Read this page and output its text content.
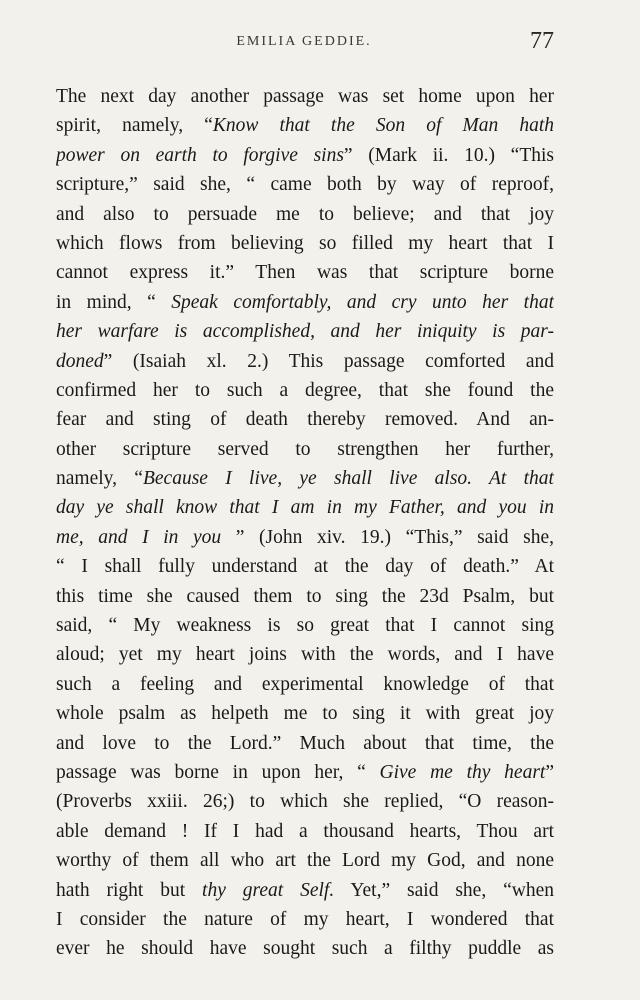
EMILIA GEDDIE.	77
The next day another passage was set home upon her
spirit, namely, “Know that the Son of Man hath
power on earth to forgive sins” (Mark ii. 10.) “This
scripture,” said she, “ came both by way of reproof,
and also to persuade me to believe; and that joy
which flows from believing so filled my heart that I
cannot express it.” Then was that scripture borne
in mind, “ Speak comfortably, and cry unto her that
her warfare is accomplished, and her iniquity is par-
doned” (Isaiah xl. 2.) This passage comforted and
confirmed her to such a degree, that she found the
fear and sting of death thereby removed. And an-
other scripture served to strengthen her further,
namely, “Because I live, ye shall live also. At that
day ye shall know that I am in my Father, and you in
me, and I in you ” (John xiv. 19.) “This,” said she,
“ I shall fully understand at the day of death.” At
this time she caused them to sing the 23d Psalm, but
said, “ My weakness is so great that I cannot sing
aloud; yet my heart joins with the words, and I have
such a feeling and experimental knowledge of that
whole psalm as helpeth me to sing it with great joy
and love to the Lord.” Much about that time, the
passage was borne in upon her, “ Give me thy heart”
(Proverbs xxiii. 26;) to which she replied, “O reason-
able demand ! If I had a thousand hearts, Thou art
worthy of them all who art the Lord my God, and none
hath right but thy great Self. Yet,” said she, “when
I consider the nature of my heart, I wondered that
ever he should have sought such a filthy puddle as
